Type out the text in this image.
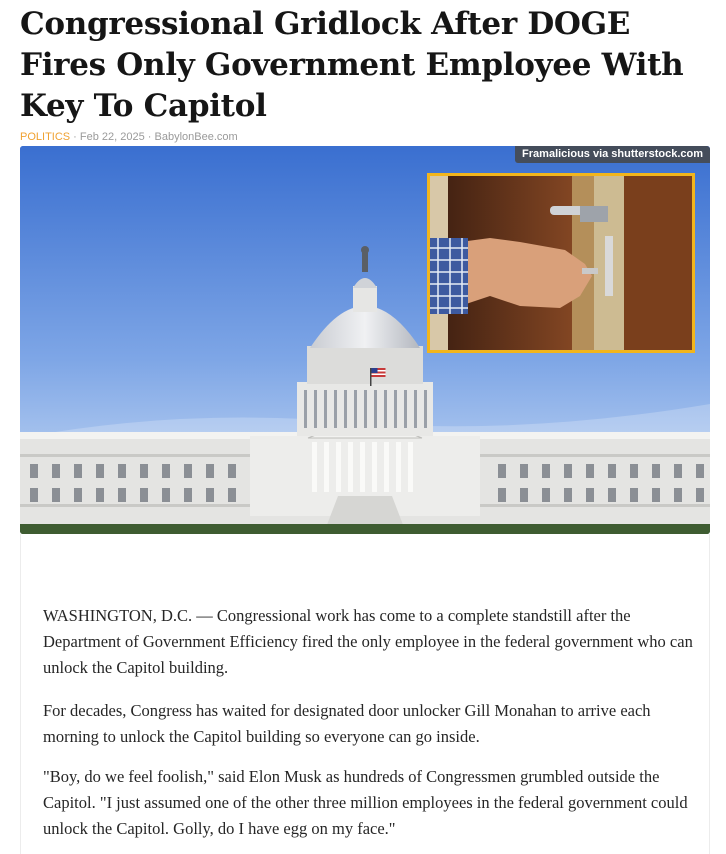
Congressional Gridlock After DOGE Fires Only Government Employee With Key To Capitol
POLITICS · Feb 22, 2025 · BabylonBee.com
Framalicious via shutterstock.com

WASHINGTON, D.C. — Congressional work has come to a complete standstill after the Department of Government Efficiency fired the only employee in the federal government who can unlock the Capitol building.

For decades, Congress has waited for designated door unlocker Gill Monahan to arrive each morning to unlock the Capitol building so everyone can go inside.

"Boy, do we feel foolish," said Elon Musk as hundreds of Congressmen grumbled outside the Capitol. "I just assumed one of the other three million employees in the federal government could unlock the Capitol. Golly, do I have egg on my face."
